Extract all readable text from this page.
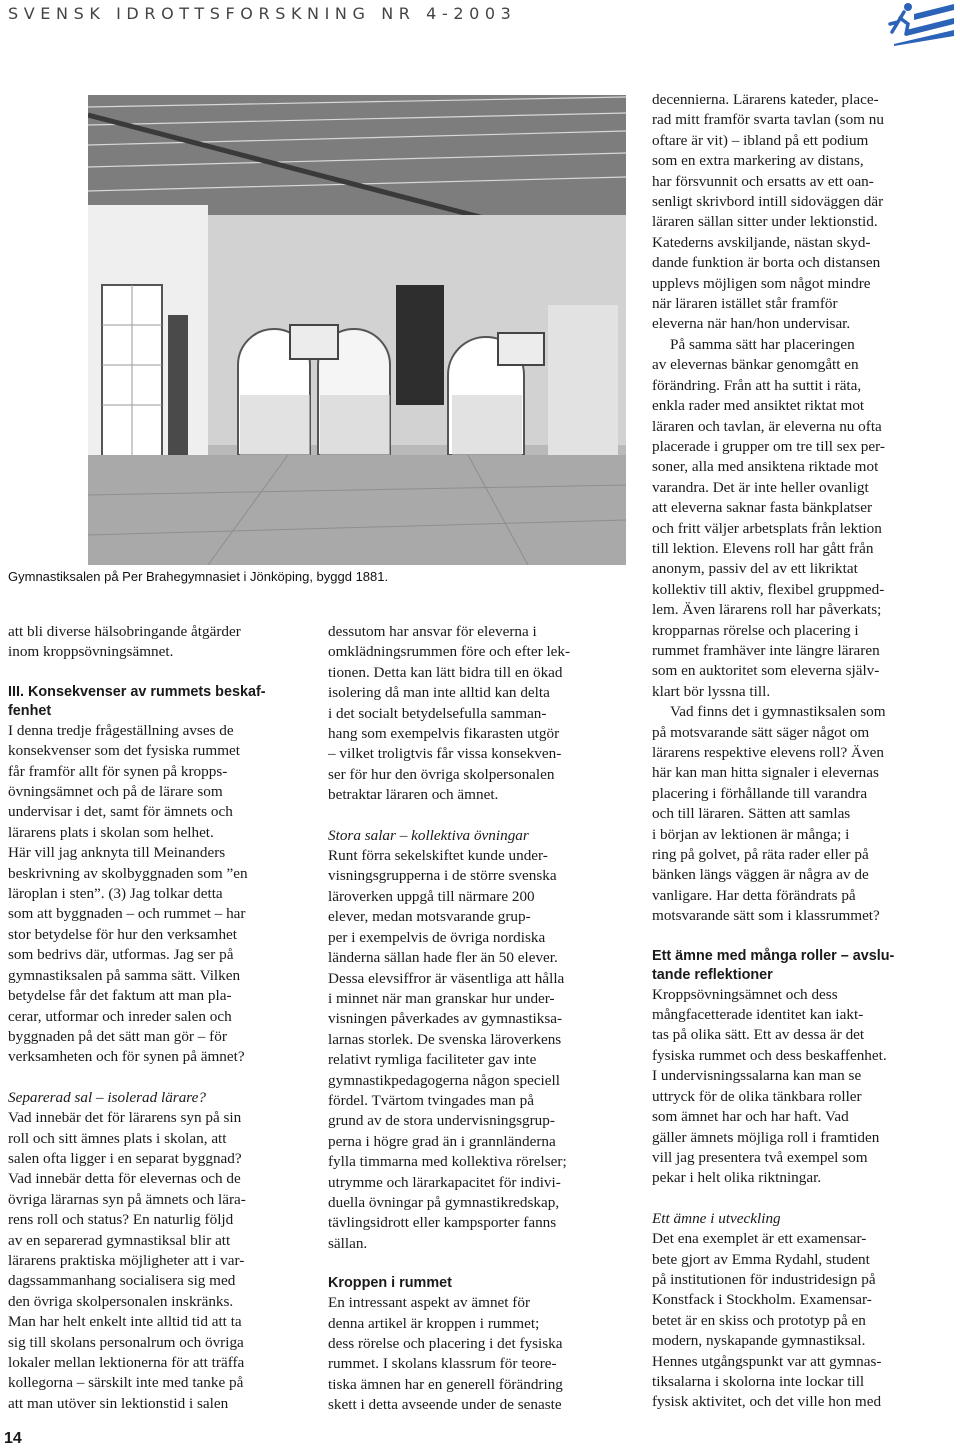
SVENSK IDROTTSFORSKNING NR 4-2003
Gymnastiksalen på Per Brahegymnasiet i Jönköping, byggd 1881.

att bli diverse hälsobringande åtgärder

inom kroppsövningsämnet.

III. Konsekvenser av rummets beskaf-

fenhet

I denna tredje frågeställning avses de

konsekvenser som det fysiska rummet

får framför allt för synen på kropps-

övningsämnet och på de lärare som

undervisar i det, samt för ämnets och

lärarens plats i skolan som helhet.

Här vill jag anknyta till Meinanders

beskrivning av skolbyggnaden som ”en

läroplan i sten”. (3) Jag tolkar detta

som att byggnaden – och rummet – har

stor betydelse för hur den verksamhet

som bedrivs där, utformas. Jag ser på

gymnastiksalen på samma sätt. Vilken

betydelse får det faktum att man pla-

cerar, utformar och inreder salen och

byggnaden på det sätt man gör – för

verksamheten och för synen på ämnet?

Separerad sal – isolerad lärare?

Vad innebär det för lärarens syn på sin

roll och sitt ämnes plats i skolan, att

salen ofta ligger i en separat byggnad?

Vad innebär detta för elevernas och de

övriga lärarnas syn på ämnets och lära-

rens roll och status? En naturlig följd

av en separerad gymnastiksal blir att

lärarens praktiska möjligheter att i var-

dagssammanhang socialisera sig med

den övriga skolpersonalen inskränks.

Man har helt enkelt inte alltid tid att ta

sig till skolans personalrum och övriga

lokaler mellan lektionerna för att träffa

kollegorna – särskilt inte med tanke på

att man utöver sin lektionstid i salen

dessutom har ansvar för eleverna i

omklädningsrummen före och efter lek-

tionen. Detta kan lätt bidra till en ökad

isolering då man inte alltid kan delta

i det socialt betydelsefulla samman-

hang som exempelvis fikarasten utgör

– vilket troligtvis får vissa konsekven-

ser för hur den övriga skolpersonalen

betraktar läraren och ämnet.

Stora salar – kollektiva övningar

Runt förra sekelskiftet kunde under-

visningsgrupperna i de större svenska

läroverken uppgå till närmare 200

elever, medan motsvarande grup-

per i exempelvis de övriga nordiska

länderna sällan hade fler än 50 elever.

Dessa elevsiffror är väsentliga att hålla

i minnet när man granskar hur under-

visningen påverkades av gymnastiksa-

larnas storlek. De svenska läroverkens

relativt rymliga faciliteter gav inte

gymnastikpedagogerna någon speciell

fördel. Tvärtom tvingades man på

grund av de stora undervisningsgrup-

perna i högre grad än i grannländerna

fylla timmarna med kollektiva rörelser;

utrymme och lärarkapacitet för indivi-

duella övningar på gymnastikredskap,

tävlingsidrott eller kampsporter fanns

sällan.

Kroppen i rummet

En intressant aspekt av ämnet för

denna artikel är kroppen i rummet;

dess rörelse och placering i det fysiska

rummet. I skolans klassrum för teore-

tiska ämnen har en generell förändring

skett i detta avseende under de senaste

decennierna. Lärarens kateder, place-

rad mitt framför svarta tavlan (som nu

oftare är vit) – ibland på ett podium

som en extra markering av distans,

har försvunnit och ersatts av ett oan-

senligt skrivbord intill sidoväggen där

läraren sällan sitter under lektionstid.

Katederns avskiljande, nästan skyd-

dande funktion är borta och distansen

upplevs möjligen som något mindre

när läraren istället står framför

eleverna när han/hon undervisar.

På samma sätt har placeringen

av elevernas bänkar genomgått en

förändring. Från att ha suttit i räta,

enkla rader med ansiktet riktat mot

läraren och tavlan, är eleverna nu ofta

placerade i grupper om tre till sex per-

soner, alla med ansiktena riktade mot

varandra. Det är inte heller ovanligt

att eleverna saknar fasta bänkplatser

och fritt väljer arbetsplats från lektion

till lektion. Elevens roll har gått från

anonym, passiv del av ett likriktat

kollektiv till aktiv, flexibel gruppmed-

lem. Även lärarens roll har påverkats;

kropparnas rörelse och placering i

rummet framhäver inte längre läraren

som en auktoritet som eleverna själv-

klart bör lyssna till.

Vad finns det i gymnastiksalen som

på motsvarande sätt säger något om

lärarens respektive elevens roll? Även

här kan man hitta signaler i elevernas

placering i förhållande till varandra

och till läraren. Sätten att samlas

i början av lektionen är många; i

ring på golvet, på räta rader eller på

bänken längs väggen är några av de

vanligare. Har detta förändrats på

motsvarande sätt som i klassrummet?

Ett ämne med många roller – avslu-

tande reflektioner

Kroppsövningsämnet och dess

mångfacetterade identitet kan iakt-

tas på olika sätt. Ett av dessa är det

fysiska rummet och dess beskaffenhet.

I undervisningssalarna kan man se

uttryck för de olika tänkbara roller

som ämnet har och har haft. Vad

gäller ämnets möjliga roll i framtiden

vill jag presentera två exempel som

pekar i helt olika riktningar.

Ett ämne i utveckling

Det ena exemplet är ett examensar-

bete gjort av Emma Rydahl, student

på institutionen för industridesign på

Konstfack i Stockholm. Examensar-

betet är en skiss och prototyp på en

modern, nyskapande gymnastiksal.

Hennes utgångspunkt var att gymnas-

tiksalarna i skolorna inte lockar till

fysisk aktivitet, och det ville hon med

14
